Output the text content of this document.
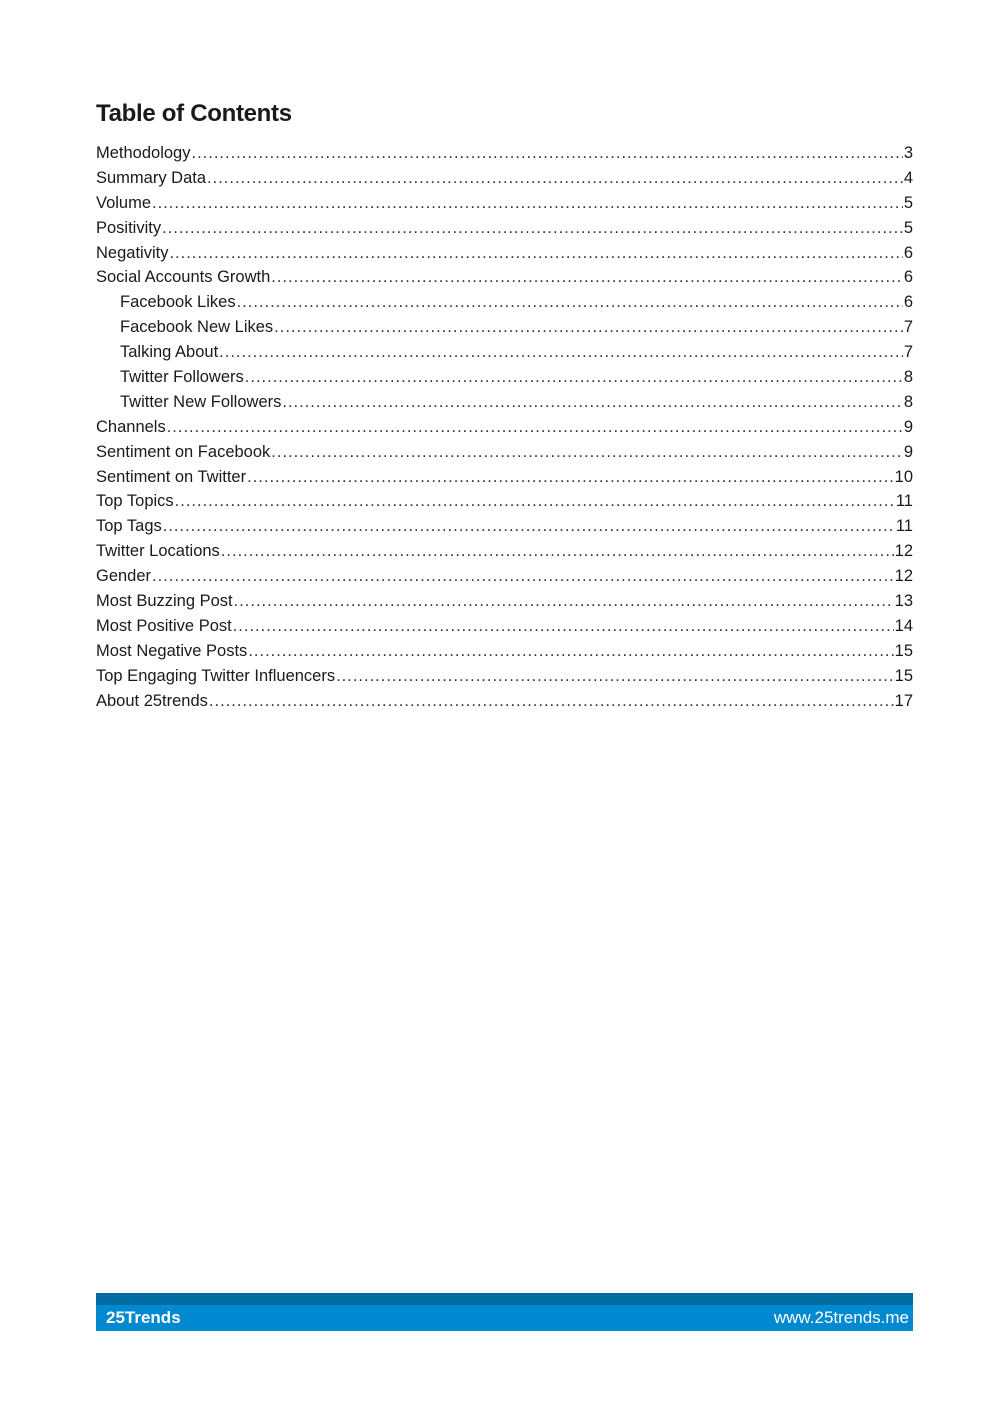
Table of Contents
Methodology .....	3
Summary Data .....	4
Volume .....	5
Positivity .....	5
Negativity .....	6
Social Accounts Growth .....	6
Facebook Likes .....	6
Facebook New Likes .....	7
Talking About .....	7
Twitter Followers .....	8
Twitter New Followers .....	8
Channels .....	9
Sentiment on Facebook .....	9
Sentiment on Twitter .....	10
Top Topics .....	11
Top Tags .....	11
Twitter Locations .....	12
Gender .....	12
Most Buzzing Post .....	13
Most Positive Post .....	14
Most Negative Posts .....	15
Top Engaging Twitter Influencers .....	15
About 25trends .....	17
25Trends	www.25trends.me
